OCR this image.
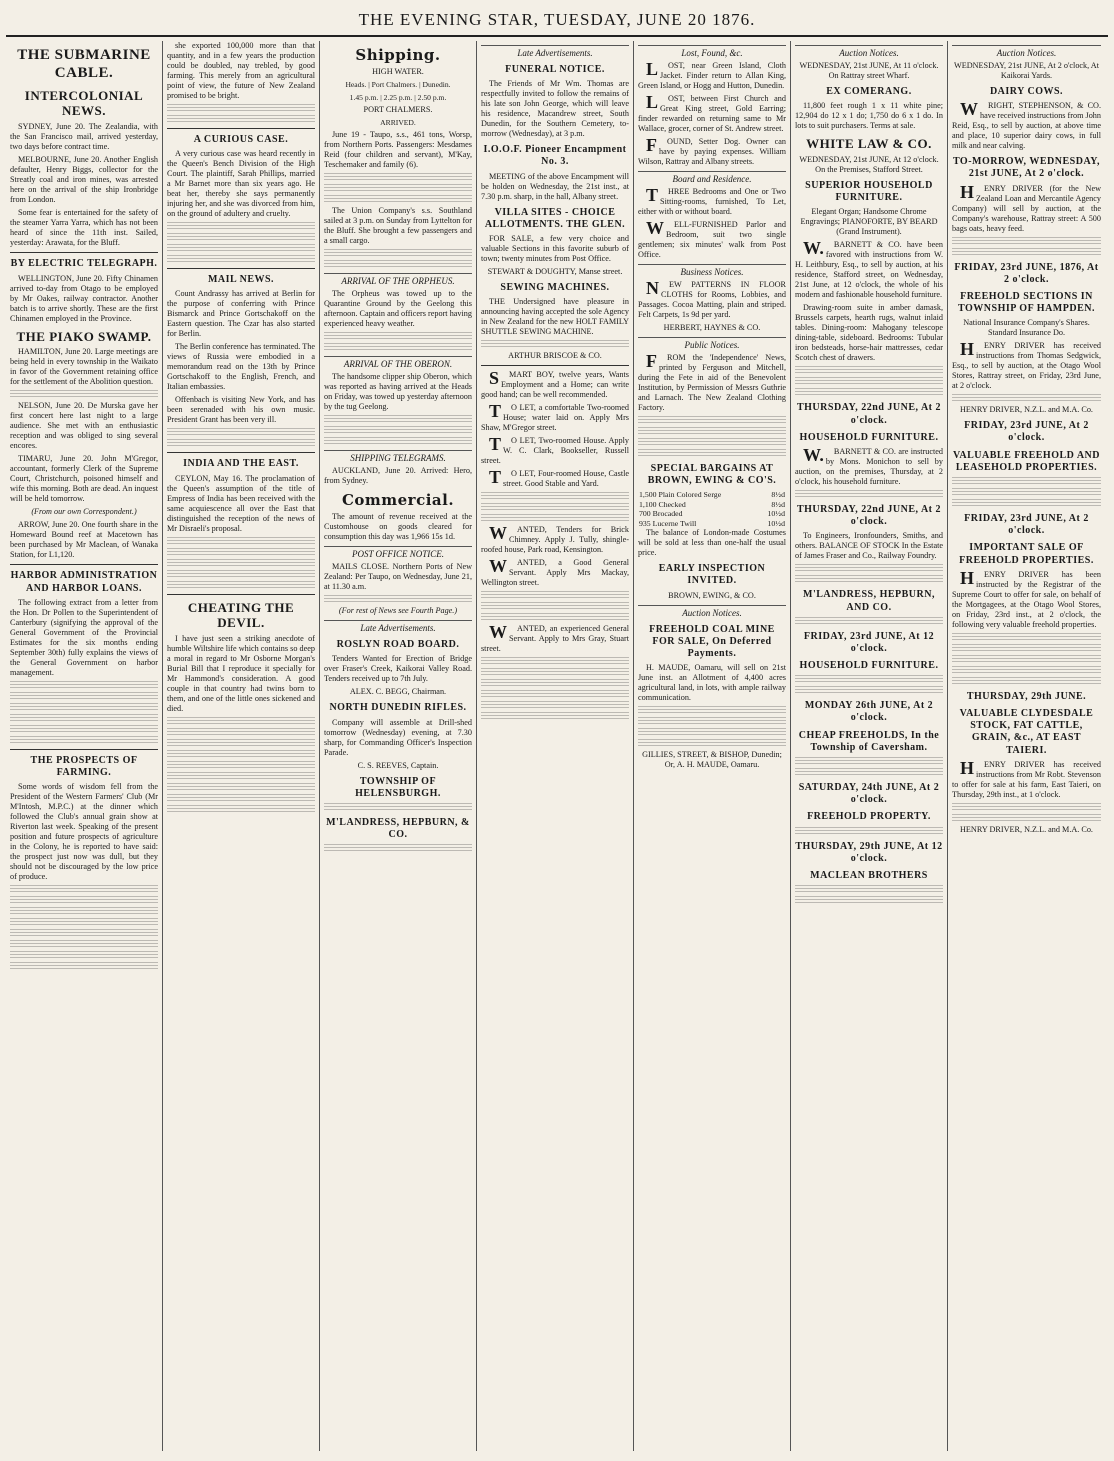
THE EVENING STAR, TUESDAY, JUNE 20 1876.
THE SUBMARINE CABLE.
INTERCOLONIAL NEWS.

SYDNEY, June 20. The Zealandia, with the San Francisco mail, arrived yesterday, two days before contract time.

MELBOURNE, June 20. Another English defaulter, Henry Biggs, collector for the Streatly coal and iron mines, was arrested here on the arrival of the ship Ironbridge from London.

Some fear is entertained for the safety of the steamer Yarra Yarra, which has not been heard of since the 11th inst. Sailed, yesterday: Arawata, for the Bluff.

BY ELECTRIC TELEGRAPH.

WELLINGTON, June 20. Fifty Chinamen arrived to-day from Otago to be employed by Mr Oakes, railway contractor. Another batch is to arrive shortly. These are the first Chinamen employed in the Province.

THE PIAKO SWAMP.

HAMILTON, June 20. Large meetings are being held in every township in the Waikato in favor of the Government retaining office for the settlement of the Abolition question.

NELSON, June 20. De Murska gave her first concert here last night to a large audience. She met with an enthusiastic reception and was obliged to sing several encores.

TIMARU, June 20. John M'Gregor, accountant, formerly Clerk of the Supreme Court, Christchurch, poisoned himself and wife this morning. Both are dead. An inquest will be held tomorrow.

(From our own Correspondent.)

ARROW, June 20. One fourth share in the Homeward Bound reef at Macetown has been purchased by Mr Maclean, of Wanaka Station, for L1,120.

HARBOR ADMINISTRATION AND HARBOR LOANS.

The following extract from a letter from the Hon. Dr Pollen to the Superintendent of Canterbury (signifying the approval of the General Government of the Provincial Estimates for the six months ending September 30th) fully explains the views of the General Government on harbor management.

THE PROSPECTS OF FARMING.

Some words of wisdom fell from the President of the Western Farmers' Club (Mr M'Intosh, M.P.C.) at the dinner which followed the Club's annual grain show at Riverton last week. Speaking of the present position and future prospects of agriculture in the Colony, he is reported to have said: the prospect just now was dull, but they should not be discouraged by the low price of produce.

she exported 100,000 more than that quantity, and in a few years the production could be doubled, nay trebled, by good farming. This merely from an agricultural point of view, the future of New Zealand promised to be bright.

A CURIOUS CASE.

A very curious case was heard recently in the Queen's Bench Division of the High Court. The plaintiff, Sarah Phillips, married a Mr Barnet more than six years ago. He beat her, thereby she says permanently injuring her, and she was divorced from him, on the ground of adultery and cruelty.

MAIL NEWS.

Count Andrassy has arrived at Berlin for the purpose of conferring with Prince Bismarck and Prince Gortschakoff on the Eastern question. The Czar has also started for Berlin.

The Berlin conference has terminated. The views of Russia were embodied in a memorandum read on the 13th by Prince Gortschakoff to the English, French, and Italian embassies.

Offenbach is visiting New York, and has been serenaded with his own music. President Grant has been very ill.

INDIA AND THE EAST.

CEYLON, May 16. The proclamation of the Queen's assumption of the title of Empress of India has been received with the same acquiescence all over the East that distinguished the reception of the news of Mr Disraeli's proposal.

CHEATING THE DEVIL.

I have just seen a striking anecdote of humble Wiltshire life which contains so deep a moral in regard to Mr Osborne Morgan's Burial Bill that I reproduce it specially for Mr Hammond's consideration. A good couple in that country had twins born to them, and one of the little ones sickened and died.

Shipping.

HIGH WATER.

Heads. | Port Chalmers. | Dunedin.

1.45 p.m. | 2.25 p.m. | 2.50 p.m.

PORT CHALMERS.

ARRIVED.

June 19 - Taupo, s.s., 461 tons, Worsp, from Northern Ports. Passengers: Mesdames Reid (four children and servant), M'Kay, Teschemaker and family (6).

The Union Company's s.s. Southland sailed at 3 p.m. on Sunday from Lyttelton for the Bluff. She brought a few passengers and a small cargo.

ARRIVAL OF THE ORPHEUS.

The Orpheus was towed up to the Quarantine Ground by the Geelong this afternoon. Captain and officers report having experienced heavy weather.

ARRIVAL OF THE OBERON.

The handsome clipper ship Oberon, which was reported as having arrived at the Heads on Friday, was towed up yesterday afternoon by the tug Geelong.

SHIPPING TELEGRAMS.

AUCKLAND, June 20. Arrived: Hero, from Sydney.

Commercial.

The amount of revenue received at the Customhouse on goods cleared for consumption this day was 1,966 15s 1d.

POST OFFICE NOTICE.

MAILS CLOSE. Northern Ports of New Zealand: Per Taupo, on Wednesday, June 21, at 11.30 a.m.

(For rest of News see Fourth Page.)

Late Advertisements.
ROSLYN ROAD BOARD.

Tenders Wanted for Erection of Bridge over Fraser's Creek, Kaikorai Valley Road. Tenders received up to 7th July.

ALEX. C. BEGG, Chairman.

NORTH DUNEDIN RIFLES.

Company will assemble at Drill-shed tomorrow (Wednesday) evening, at 7.30 sharp, for Commanding Officer's Inspection Parade.

C. S. REEVES, Captain.

TOWNSHIP OF HELENSBURGH.
M'LANDRESS, HEPBURN, & CO.
Late Advertisements.
FUNERAL NOTICE.

The Friends of Mr Wm. Thomas are respectfully invited to follow the remains of his late son John George, which will leave his residence, Macandrew street, South Dunedin, for the Southern Cemetery, to-morrow (Wednesday), at 3 p.m.

I.O.O.F. Pioneer Encampment No. 3.

MEETING of the above Encampment will be holden on Wednesday, the 21st inst., at 7.30 p.m. sharp, in the hall, Albany street.

VILLA SITES - CHOICE ALLOTMENTS. THE GLEN.

FOR SALE, a few very choice and valuable Sections in this favorite suburb of town; twenty minutes from Post Office.

STEWART & DOUGHTY, Manse street.

SEWING MACHINES.

THE Undersigned have pleasure in announcing having accepted the sole Agency in New Zealand for the new HOLT FAMILY SHUTTLE SEWING MACHINE.

ARTHUR BRISCOE & CO.

SMART BOY, twelve years, Wants Employment and a Home; can write good hand; can be well recommended.

TO LET, a comfortable Two-roomed House; water laid on. Apply Mrs Shaw, M'Gregor street.

TO LET, Two-roomed House. Apply W. C. Clark, Bookseller, Russell street.

TO LET, Four-roomed House, Castle street. Good Stable and Yard.

WANTED, Tenders for Brick Chimney. Apply J. Tully, shingle-roofed house, Park road, Kensington.

WANTED, a Good General Servant. Apply Mrs Mackay, Wellington street.

WANTED, an experienced General Servant. Apply to Mrs Gray, Stuart street.

Lost, Found, &c.

LOST, near Green Island, Cloth Jacket. Finder return to Allan King, Green Island, or Hogg and Hutton, Dunedin.

LOST, between First Church and Great King street, Gold Earring; finder rewarded on returning same to Mr Wallace, grocer, corner of St. Andrew street.

FOUND, Setter Dog. Owner can have by paying expenses. William Wilson, Rattray and Albany streets.

Board and Residence.

THREE Bedrooms and One or Two Sitting-rooms, furnished, To Let, either with or without board.

WELL-FURNISHED Parlor and Bedroom, suit two single gentlemen; six minutes' walk from Post Office.

Business Notices.

NEW PATTERNS IN FLOOR CLOTHS for Rooms, Lobbies, and Passages. Cocoa Matting, plain and striped. Felt Carpets, 1s 9d per yard.

HERBERT, HAYNES & CO.

Public Notices.

FROM the 'Independence' News, printed by Ferguson and Mitchell, during the Fete in aid of the Benevolent Institution, by Permission of Messrs Guthrie and Larnach. The New Zealand Clothing Factory.

SPECIAL BARGAINS AT BROWN, EWING & CO'S.
1,500 Plain Colored Serge	8½d
1,100 Checked	8½d
700 Brocaded	10½d
935 Lucerne Twill	10½d

The balance of London-made Costumes will be sold at less than one-half the usual price.

EARLY INSPECTION INVITED.

BROWN, EWING, & CO.

Auction Notices.
FREEHOLD COAL MINE FOR SALE, On Deferred Payments.

H. MAUDE, Oamaru, will sell on 21st June inst. an Allotment of 4,400 acres agricultural land, in lots, with ample railway communication.

GILLIES, STREET, & BISHOP, Dunedin; Or, A. H. MAUDE, Oamaru.

Auction Notices.

WEDNESDAY, 21st JUNE, At 11 o'clock. On Rattray street Wharf.

EX COMERANG.

11,800 feet rough 1 x 11 white pine; 12,904 do 12 x 1 do; 1,750 do 6 x 1 do. In lots to suit purchasers. Terms at sale.

WHITE LAW & CO.

WEDNESDAY, 21st JUNE, At 12 o'clock. On the Premises, Stafford Street.

SUPERIOR HOUSEHOLD FURNITURE.

Elegant Organ; Handsome Chrome Engravings; PIANOFORTE, BY BEARD (Grand Instrument).

W.BARNETT & CO. have been favored with instructions from W. H. Leithbury, Esq., to sell by auction, at his residence, Stafford street, on Wednesday, 21st June, at 12 o'clock, the whole of his modern and fashionable household furniture.

Drawing-room suite in amber damask, Brussels carpets, hearth rugs, walnut inlaid tables. Dining-room: Mahogany telescope dining-table, sideboard. Bedrooms: Tubular iron bedsteads, horse-hair mattresses, cedar Scotch chest of drawers.

THURSDAY, 22nd JUNE, At 2 o'clock.
HOUSEHOLD FURNITURE.

W.BARNETT & CO. are instructed by Mons. Monichon to sell by auction, on the premises, Thursday, at 2 o'clock, his household furniture.

THURSDAY, 22nd JUNE, At 2 o'clock.

To Engineers, Ironfounders, Smiths, and others. BALANCE OF STOCK In the Estate of James Fraser and Co., Railway Foundry.

M'LANDRESS, HEPBURN, AND CO.
FRIDAY, 23rd JUNE, At 12 o'clock.
HOUSEHOLD FURNITURE.
MONDAY 26th JUNE, At 2 o'clock.
CHEAP FREEHOLDS, In the Township of Caversham.
SATURDAY, 24th JUNE, At 2 o'clock.
FREEHOLD PROPERTY.
THURSDAY, 29th JUNE, At 12 o'clock.
MACLEAN BROTHERS
Auction Notices.

WEDNESDAY, 21st JUNE, At 2 o'clock, At Kaikorai Yards.

DAIRY COWS.

WRIGHT, STEPHENSON, & CO. have received instructions from John Reid, Esq., to sell by auction, at above time and place, 10 superior dairy cows, in full milk and near calving.

TO-MORROW, WEDNESDAY, 21st JUNE, At 2 o'clock.

HENRY DRIVER (for the New Zealand Loan and Mercantile Agency Company) will sell by auction, at the Company's warehouse, Rattray street: A 500 bags oats, heavy feed.

FRIDAY, 23rd JUNE, 1876, At 2 o'clock.
FREEHOLD SECTIONS IN TOWNSHIP OF HAMPDEN.

National Insurance Company's Shares. Standard Insurance Do.

HENRY DRIVER has received instructions from Thomas Sedgwick, Esq., to sell by auction, at the Otago Wool Stores, Rattray street, on Friday, 23rd June, at 2 o'clock.

HENRY DRIVER, N.Z.L. and M.A. Co.

FRIDAY, 23rd JUNE, At 2 o'clock.
VALUABLE FREEHOLD AND LEASEHOLD PROPERTIES.
FRIDAY, 23rd JUNE, At 2 o'clock.
IMPORTANT SALE OF FREEHOLD PROPERTIES.

HENRY DRIVER has been instructed by the Registrar of the Supreme Court to offer for sale, on behalf of the Mortgagees, at the Otago Wool Stores, on Friday, 23rd inst., at 2 o'clock, the following very valuable freehold properties.

THURSDAY, 29th JUNE.
VALUABLE CLYDESDALE STOCK, FAT CATTLE, GRAIN, &c., AT EAST TAIERI.

HENRY DRIVER has received instructions from Mr Robt. Stevenson to offer for sale at his farm, East Taieri, on Thursday, 29th inst., at 1 o'clock.

HENRY DRIVER, N.Z.L. and M.A. Co.
